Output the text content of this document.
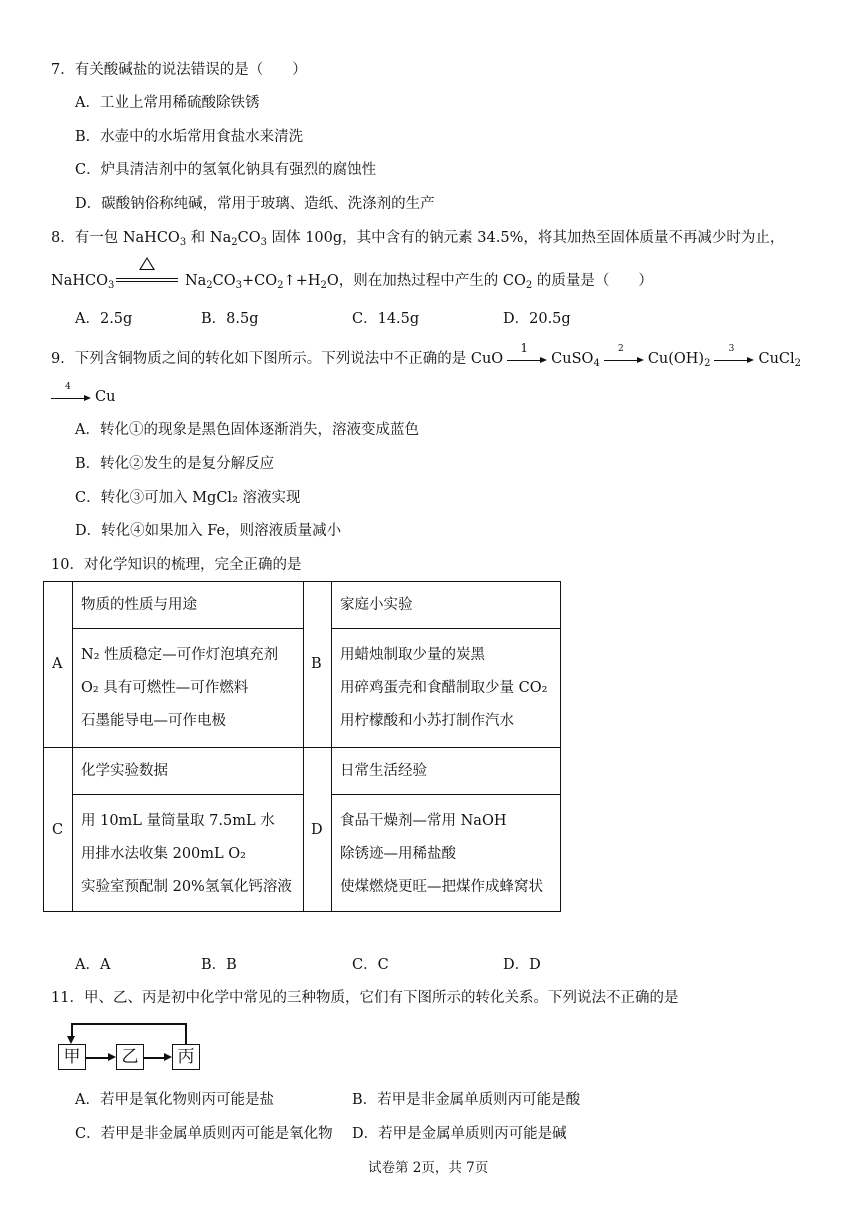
7．有关酸碱盐的说法错误的是（　　）
A．工业上常用稀硫酸除铁锈
B．水壶中的水垢常用食盐水来清洗
C．炉具清洁剂中的氢氧化钠具有强烈的腐蚀性
D．碳酸钠俗称纯碱，常用于玻璃、造纸、洗涤剂的生产
8．有一包 NaHCO$_3$ 和 $Na_2CO_3$ 固体 100g，其中含有的钠元素 34.5%，将其加热至固体质量不再减少时为止，
NaHCO$_3$	$Na_2CO_3+CO_2↑+H_2O$，则在加热过程中产生的 $CO_2$ 的质量是（　　）
A．2.5g	B．8.5g	C．14.5g	D．20.5g
9．下列含铜物质之间的转化如下图所示。下列说法中不正确的是 CuO
1
CuSO$_4$
2
$Cu(OH)_2$
3
CuCl$_2$
4
Cu
A．转化①的现象是黑色固体逐渐消失，溶液变成蓝色
B．转化②发生的是复分解反应
C．转化③可加入 MgCl₂ 溶液实现
D．转化④如果加入 Fe，则溶液质量减小
10．对化学知识的梳理，完全正确的是
A
物质的性质与用途
N₂ 性质稳定—可作灯泡填充剂
O₂ 具有可燃性—可作燃料
石墨能导电—可作电极
B
家庭小实验
用蜡烛制取少量的炭黑
用碎鸡蛋壳和食醋制取少量 CO₂
用柠檬酸和小苏打制作汽水
C
化学实验数据
用 10mL 量筒量取 7.5mL 水
用排水法收集 200mL O₂
实验室预配制 20%氢氧化钙溶液
D
日常生活经验
食品干燥剂—常用 NaOH
除锈迹—用稀盐酸
使煤燃烧更旺—把煤作成蜂窝状
A．A	B．B	C．C	D．D
11．甲、乙、丙是初中化学中常见的三种物质，它们有下图所示的转化关系。下列说法不正确的是
甲	乙	丙
A．若甲是氧化物则丙可能是盐	B．若甲是非金属单质则丙可能是酸
C．若甲是非金属单质则丙可能是氧化物 D．若甲是金属单质则丙可能是碱
试卷第 2页，共 7页
